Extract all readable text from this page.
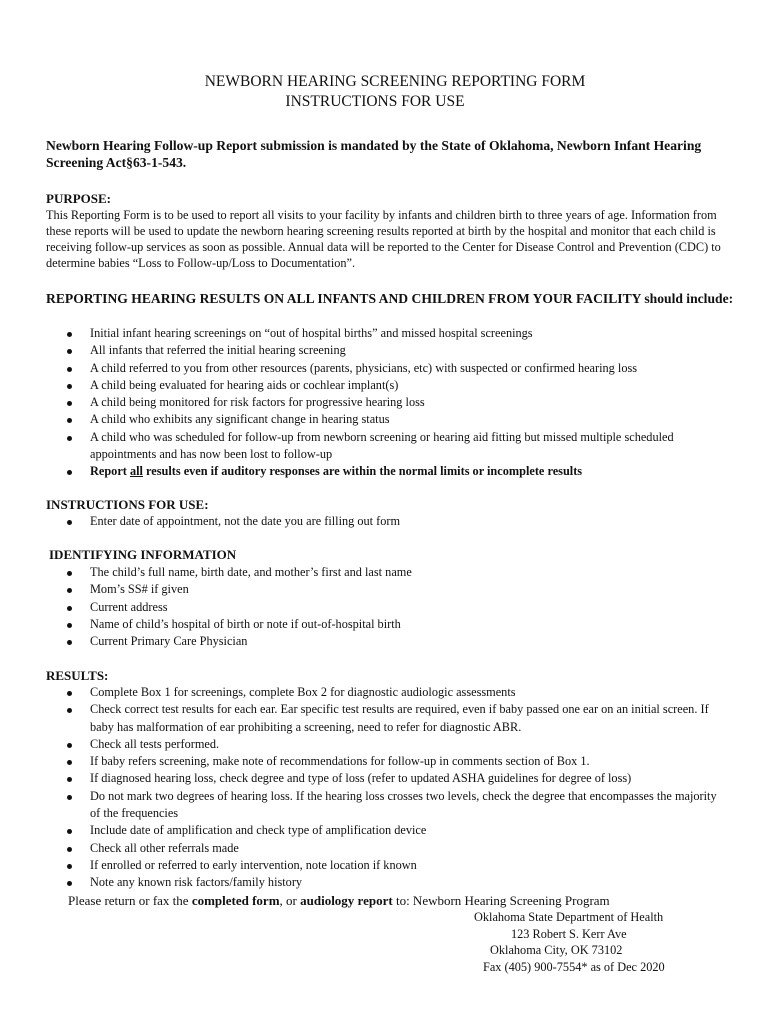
NEWBORN HEARING SCREENING REPORTING FORM
INSTRUCTIONS FOR USE
Newborn Hearing Follow-up Report submission is mandated by the State of Oklahoma, Newborn Infant Hearing Screening Act§63-1-543.
PURPOSE:
This Reporting Form is to be used to report all visits to your facility by infants and children birth to three years of age. Information from these reports will be used to update the newborn hearing screening results reported at birth by the hospital and monitor that each child is receiving follow-up services as soon as possible. Annual data will be reported to the Center for Disease Control and Prevention (CDC) to determine babies “Loss to Follow-up/Loss to Documentation”.
REPORTING HEARING RESULTS ON ALL INFANTS AND CHILDREN FROM YOUR FACILITY should include:
Initial infant hearing screenings on “out of hospital births” and missed hospital screenings
All infants that referred the initial hearing screening
A child referred to you from other resources (parents, physicians, etc) with suspected or confirmed hearing loss
A child being evaluated for hearing aids or cochlear implant(s)
A child being monitored for risk factors for progressive hearing loss
A child who exhibits any significant change in hearing status
A child who was scheduled for follow-up from newborn screening or hearing aid fitting but missed multiple scheduled appointments and has now been lost to follow-up
Report all results even if auditory responses are within the normal limits or incomplete results
INSTRUCTIONS FOR USE:
Enter date of appointment, not the date you are filling out form
IDENTIFYING INFORMATION
The child’s full name, birth date, and mother’s first and last name
Mom’s SS# if given
Current address
Name of child’s hospital of birth or note if out-of-hospital birth
Current Primary Care Physician
RESULTS:
Complete Box 1 for screenings, complete Box 2 for diagnostic audiologic assessments
Check correct test results for each ear. Ear specific test results are required, even if baby passed one ear on an initial screen. If baby has malformation of ear prohibiting a screening, need to refer for diagnostic ABR.
Check all tests performed.
If baby refers screening, make note of recommendations for follow-up in comments section of Box 1.
If diagnosed hearing loss, check degree and type of loss (refer to updated ASHA guidelines for degree of loss)
Do not mark two degrees of hearing loss. If the hearing loss crosses two levels, check the degree that encompasses the majority of the frequencies
Include date of amplification and check type of amplification device
Check all other referrals made
If enrolled or referred to early intervention, note location if known
Note any known risk factors/family history
Please return or fax the completed form, or audiology report to: Newborn Hearing Screening Program
Oklahoma State Department of Health
123 Robert S. Kerr Ave
Oklahoma City, OK 73102
Fax (405) 900-7554* as of Dec 2020
